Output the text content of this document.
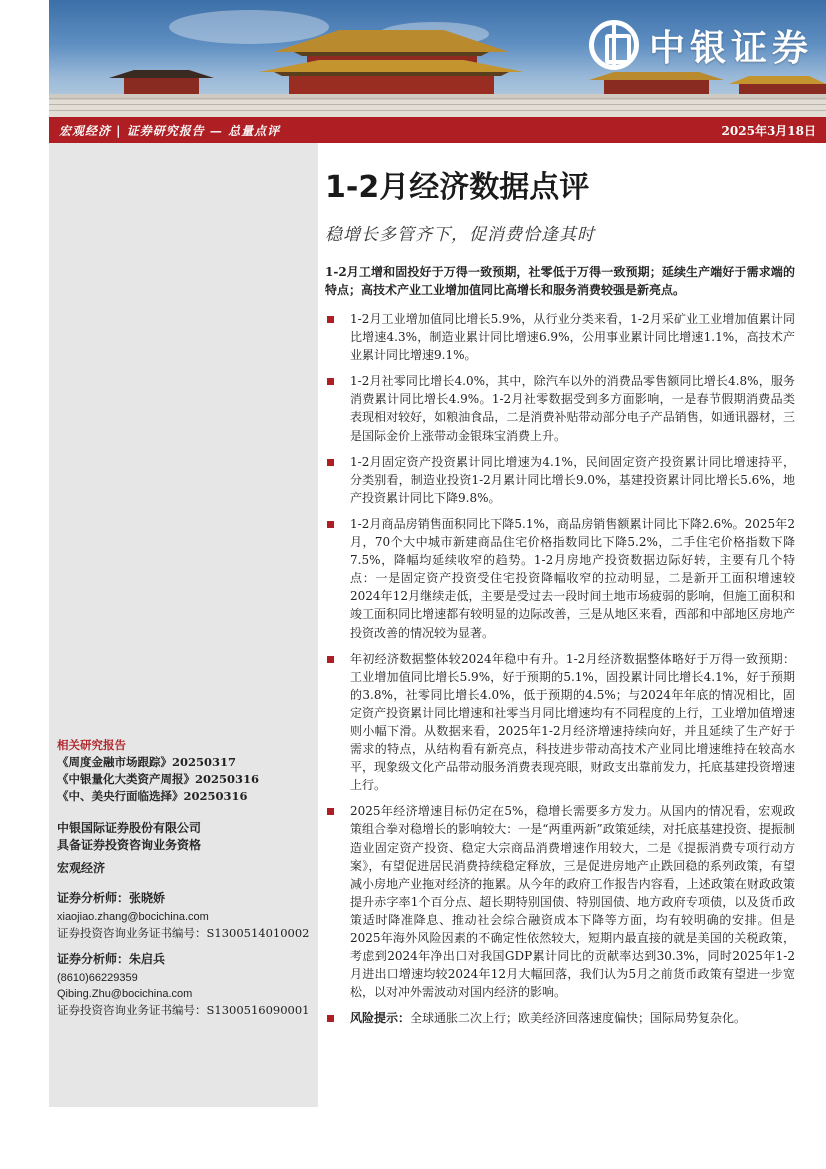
中银证券
宏观经济 | 证券研究报告 — 总量点评	2025年3月18日
相关研究报告
《周度金融市场跟踪》20250317
《中银量化大类资产周报》20250316
《中、美央行面临选择》20250316
中银国际证券股份有限公司
具备证券投资咨询业务资格
宏观经济
证券分析师：张晓娇
xiaojiao.zhang@bocichina.com
证券投资咨询业务证书编号：S1300514010002
证券分析师：朱启兵
(8610)66229359
Qibing.Zhu@bocichina.com
证券投资咨询业务证书编号：S1300516090001
1-2月经济数据点评
稳增长多管齐下，促消费恰逢其时

1-2月工增和固投好于万得一致预期，社零低于万得一致预期；延续生产端好于需求端的特点；高技术产业工业增加值同比高增长和服务消费较强是新亮点。

1-2月工业增加值同比增长5.9%，从行业分类来看，1-2月采矿业工业增加值累计同比增速4.3%，制造业累计同比增速6.9%，公用事业累计同比增速1.1%，高技术产业累计同比增速9.1%。
1-2月社零同比增长4.0%，其中，除汽车以外的消费品零售额同比增长4.8%，服务消费累计同比增长4.9%。1-2月社零数据受到多方面影响，一是春节假期消费品类表现相对较好，如粮油食品，二是消费补贴带动部分电子产品销售，如通讯器材，三是国际金价上涨带动金银珠宝消费上升。
1-2月固定资产投资累计同比增速为4.1%，民间固定资产投资累计同比增速持平，分类别看，制造业投资1-2月累计同比增长9.0%，基建投资累计同比增长5.6%，地产投资累计同比下降9.8%。
1-2月商品房销售面积同比下降5.1%，商品房销售额累计同比下降2.6%。2025年2月，70个大中城市新建商品住宅价格指数同比下降5.2%，二手住宅价格指数下降7.5%，降幅均延续收窄的趋势。1-2月房地产投资数据边际好转，主要有几个特点：一是固定资产投资受住宅投资降幅收窄的拉动明显，二是新开工面积增速较2024年12月继续走低，主要是受过去一段时间土地市场疲弱的影响，但施工面积和竣工面积同比增速都有较明显的边际改善，三是从地区来看，西部和中部地区房地产投资改善的情况较为显著。
年初经济数据整体较2024年稳中有升。1-2月经济数据整体略好于万得一致预期：工业增加值同比增长5.9%，好于预期的5.1%，固投累计同比增长4.1%，好于预期的3.8%，社零同比增长4.0%，低于预期的4.5%；与2024年年底的情况相比，固定资产投资累计同比增速和社零当月同比增速均有不同程度的上行，工业增加值增速则小幅下滑。从数据来看，2025年1-2月经济增速持续向好，并且延续了生产好于需求的特点，从结构看有新亮点，科技进步带动高技术产业同比增速维持在较高水平，现象级文化产品带动服务消费表现亮眼，财政支出靠前发力，托底基建投资增速上行。
2025年经济增速目标仍定在5%，稳增长需要多方发力。从国内的情况看，宏观政策组合拳对稳增长的影响较大：一是“两重两新”政策延续，对托底基建投资、提振制造业固定资产投资、稳定大宗商品消费增速作用较大，二是《提振消费专项行动方案》，有望促进居民消费持续稳定释放，三是促进房地产止跌回稳的系列政策，有望减小房地产业拖对经济的拖累。从今年的政府工作报告内容看，上述政策在财政政策提升赤字率1个百分点、超长期特别国债、特别国债、地方政府专项债，以及货币政策适时降准降息、推动社会综合融资成本下降等方面，均有较明确的安排。但是2025年海外风险因素的不确定性依然较大，短期内最直接的就是美国的关税政策，考虑到2024年净出口对我国GDP累计同比的贡献率达到30.3%，同时2025年1-2月进出口增速均较2024年12月大幅回落，我们认为5月之前货币政策有望进一步宽松，以对冲外需波动对国内经济的影响。
风险提示：全球通胀二次上行；欧美经济回落速度偏快；国际局势复杂化。
